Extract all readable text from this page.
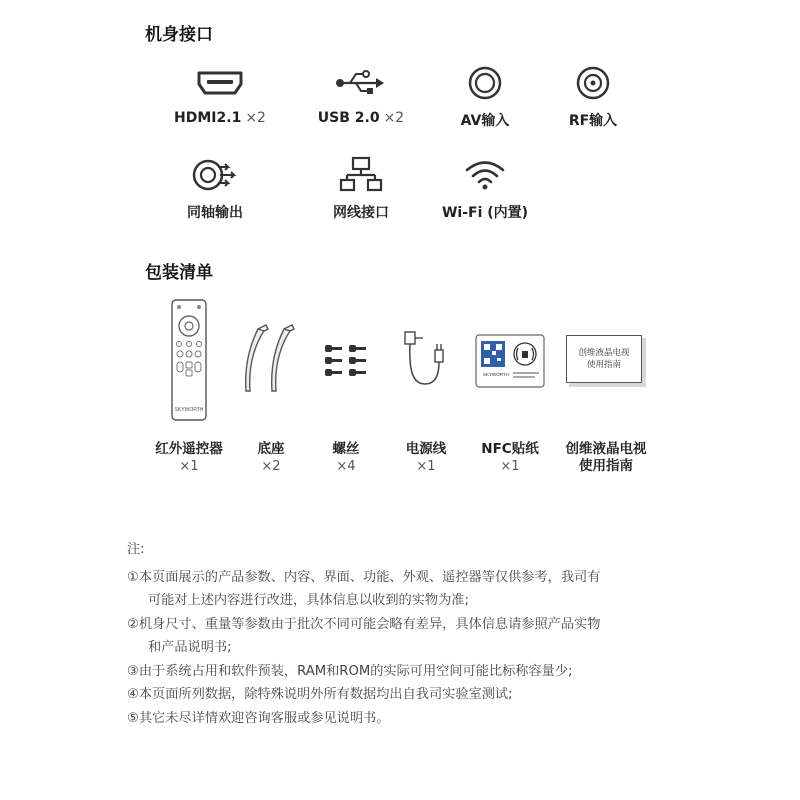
机身接口
HDMI2.1 ×2	USB 2.0 ×2	AV输入	RF输入
同轴输出	网线接口	Wi-Fi (内置)
包装清单
SKYWORTH
红外遥控器
×1
底座
×2
螺丝
×4
电源线
×1
SKYWORTH
NFC贴纸
×1
创维液晶电视
使用指南
创维液晶电视
使用指南
注:
①本页面展示的产品参数、内容、界面、功能、外观、遥控器等仅供参考，我司有
可能对上述内容进行改进，具体信息以收到的实物为准;
②机身尺寸、重量等参数由于批次不同可能会略有差异，具体信息请参照产品实物
和产品说明书;
③由于系统占用和软件预装，RAM和ROM的实际可用空间可能比标称容量少;
④本页面所列数据，除特殊说明外所有数据均出自我司实验室测试;
⑤其它未尽详情欢迎咨询客服或参见说明书。
